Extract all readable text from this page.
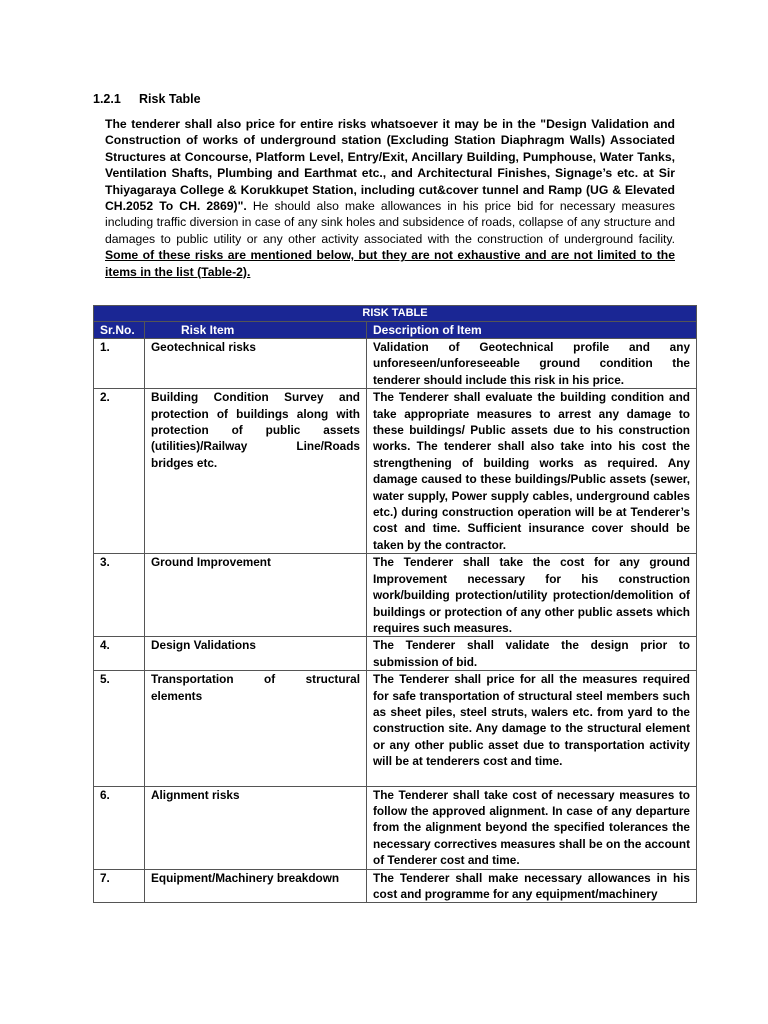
1.2.1 Risk Table
The tenderer shall also price for entire risks whatsoever it may be in the "Design Validation and Construction of works of underground station (Excluding Station Diaphragm Walls) Associated Structures at Concourse, Platform Level, Entry/Exit, Ancillary Building, Pumphouse, Water Tanks, Ventilation Shafts, Plumbing and Earthmat etc., and Architectural Finishes, Signage’s etc. at Sir Thiyagaraya College & Korukkupet Station, including cut&cover tunnel and Ramp (UG & Elevated CH.2052 To CH. 2869)". He should also make allowances in his price bid for necessary measures including traffic diversion in case of any sink holes and subsidence of roads, collapse of any structure and damages to public utility or any other activity associated with the construction of underground facility. Some of these risks are mentioned below, but they are not exhaustive and are not limited to the items in the list (Table-2).
RISK TABLE		
Sr.No.	Risk Item	Description of Item
1.	Geotechnical risks	Validation of Geotechnical profile and any unforeseen/unforeseeable ground condition the tenderer should include this risk in his price.
2.	Building Condition Survey and protection of buildings along with protection of public assets (utilities)/Railway Line/Roads bridges etc.	The Tenderer shall evaluate the building condition and take appropriate measures to arrest any damage to these buildings/ Public assets due to his construction works. The tenderer shall also take into his cost the strengthening of building works as required. Any damage caused to these buildings/Public assets (sewer, water supply, Power supply cables, underground cables etc.) during construction operation will be at Tenderer’s cost and time. Sufficient insurance cover should be taken by the contractor.
3.	Ground Improvement	The Tenderer shall take the cost for any ground Improvement necessary for his construction work/building protection/utility protection/demolition of buildings or protection of any other public assets which requires such measures.
4.	Design Validations	The Tenderer shall validate the design prior to submission of bid.
5.	Transportation of structural elements	The Tenderer shall price for all the measures required for safe transportation of structural steel members such as sheet piles, steel struts, walers etc. from yard to the construction site. Any damage to the structural element or any other public asset due to transportation activity will be at tenderers cost and time.
6.	Alignment risks	The Tenderer shall take cost of necessary measures to follow the approved alignment. In case of any departure from the alignment beyond the specified tolerances the necessary correctives measures shall be on the account of Tenderer cost and time.
7.	Equipment/Machinery breakdown	The Tenderer shall make necessary allowances in his cost and programme for any equipment/machinery
